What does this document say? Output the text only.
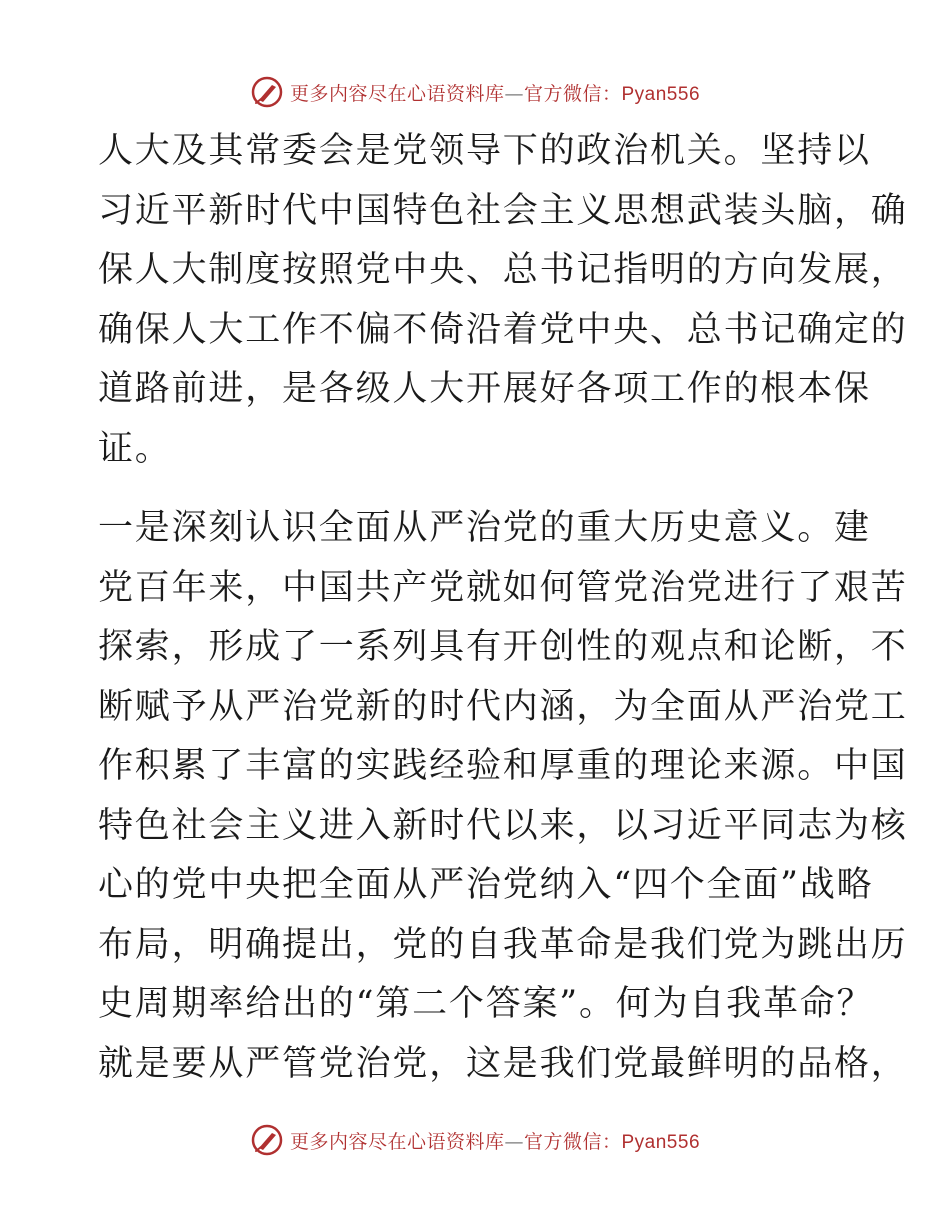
更多内容尽在心语资料库—官方微信：Pyan556

人大及其常委会是党领导下的政治机关。坚持以
习近平新时代中国特色社会主义思想武装头脑，确
保人大制度按照党中央、总书记指明的方向发展，
确保人大工作不偏不倚沿着党中央、总书记确定的
道路前进，是各级人大开展好各项工作的根本保
证。

一是深刻认识全面从严治党的重大历史意义。建
党百年来，中国共产党就如何管党治党进行了艰苦
探索，形成了一系列具有开创性的观点和论断，不
断赋予从严治党新的时代内涵，为全面从严治党工
作积累了丰富的实践经验和厚重的理论来源。中国
特色社会主义进入新时代以来，以习近平同志为核
心的党中央把全面从严治党纳入“四个全面”战略
布局，明确提出，党的自我革命是我们党为跳出历
史周期率给出的“第二个答案”。何为自我革命？
就是要从严管党治党，这是我们党最鲜明的品格，

更多内容尽在心语资料库—官方微信：Pyan556
